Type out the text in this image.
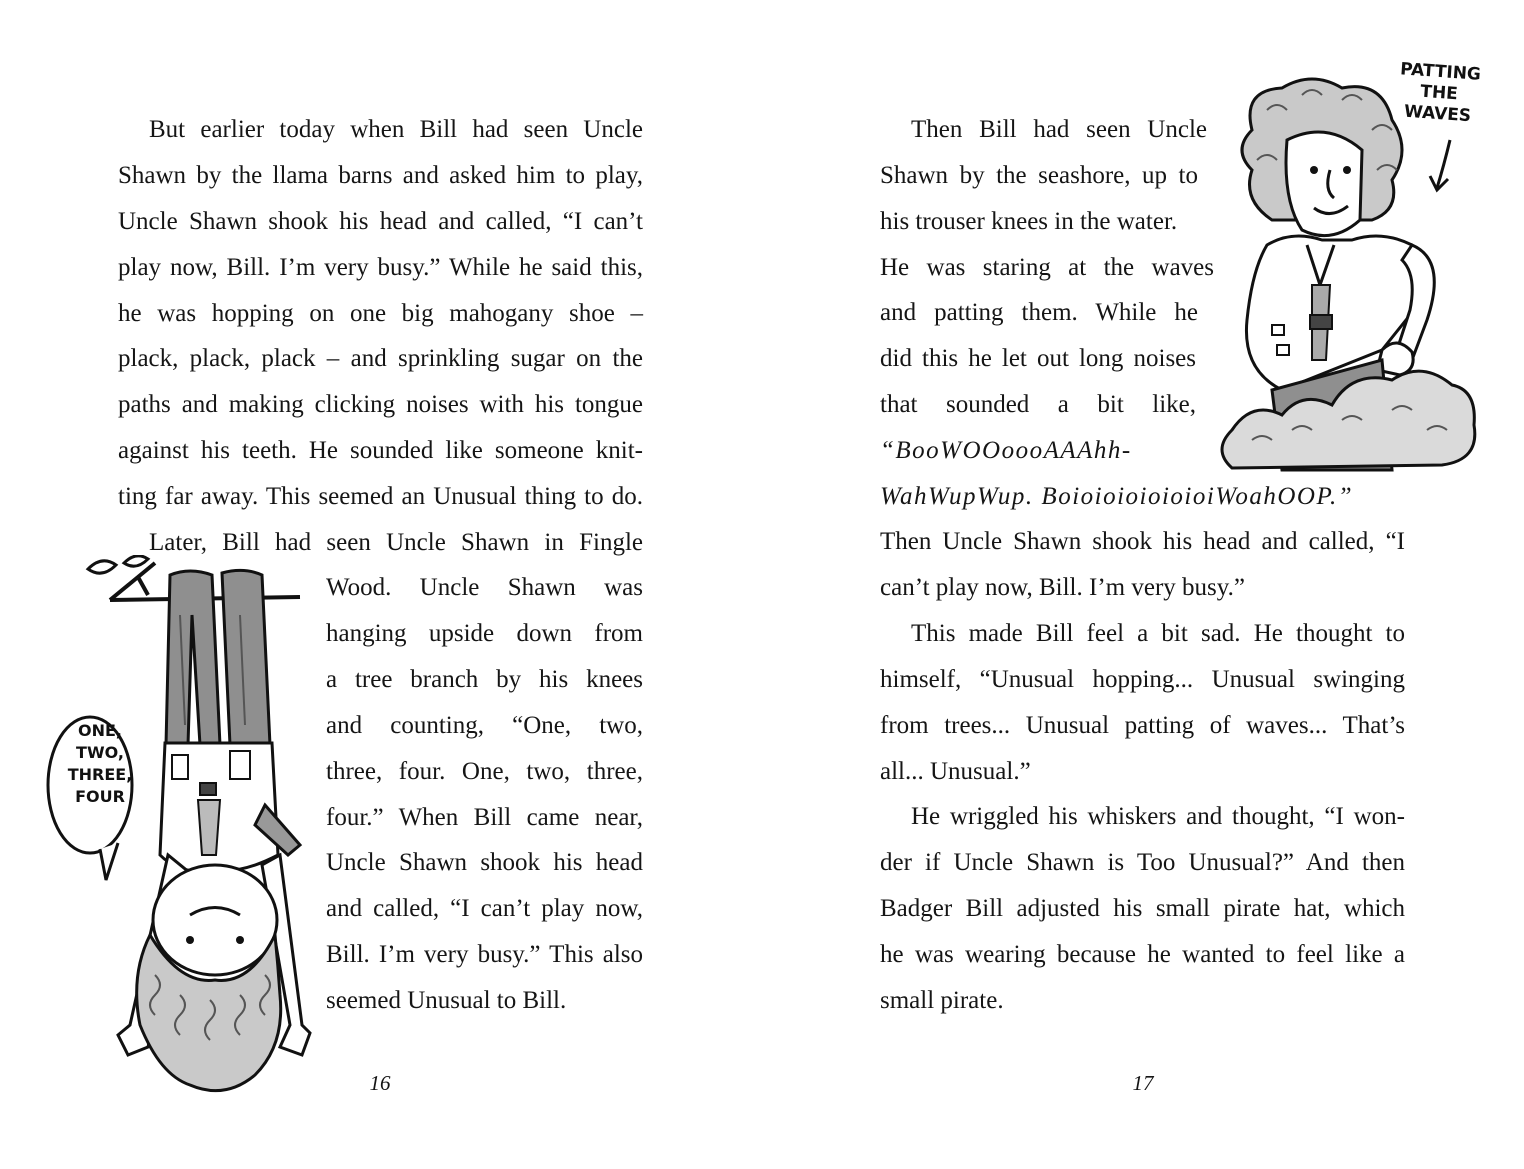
But earlier today when Bill had seen Uncle
Shawn by the llama barns and asked him to play,
Uncle Shawn shook his head and called, “I can’t
play now, Bill. I’m very busy.” While he said this,
he was hopping on one big mahogany shoe –
plack, plack, plack – and sprinkling sugar on the
paths and making clicking noises with his tongue
against his teeth. He sounded like someone knit-
ting far away. This seemed an Unusual thing to do.
Later, Bill had seen Uncle Shawn in Fingle
Wood. Uncle Shawn was
hanging upside down from
a tree branch by his knees
and counting, “One, two,
three, four. One, two, three,
four.” When Bill came near,
Uncle Shawn shook his head
and called, “I can’t play now,
Bill. I’m very busy.” This also
seemed Unusual to Bill.
ONE,
TWO,
THREE,
FOUR
16
Then Bill had seen Uncle
Shawn by the seashore, up to
his trouser knees in the water.
He was staring at the waves
and patting them. While he
did this he let out long noises
that sounded a bit like,
“BooWOOoooAAAhh-
WahWupWup. BoioioioioioioiWoahOOP.”
Then Uncle Shawn shook his head and called, “I
can’t play now, Bill. I’m very busy.”
This made Bill feel a bit sad. He thought to
himself, “Unusual hopping... Unusual swinging
from trees... Unusual patting of waves... That’s
all... Unusual.”
He wriggled his whiskers and thought, “I won-
der if Uncle Shawn is Too Unusual?” And then
Badger Bill adjusted his small pirate hat, which
he was wearing because he wanted to feel like a
small pirate.
PATTING
THE
WAVES
17
